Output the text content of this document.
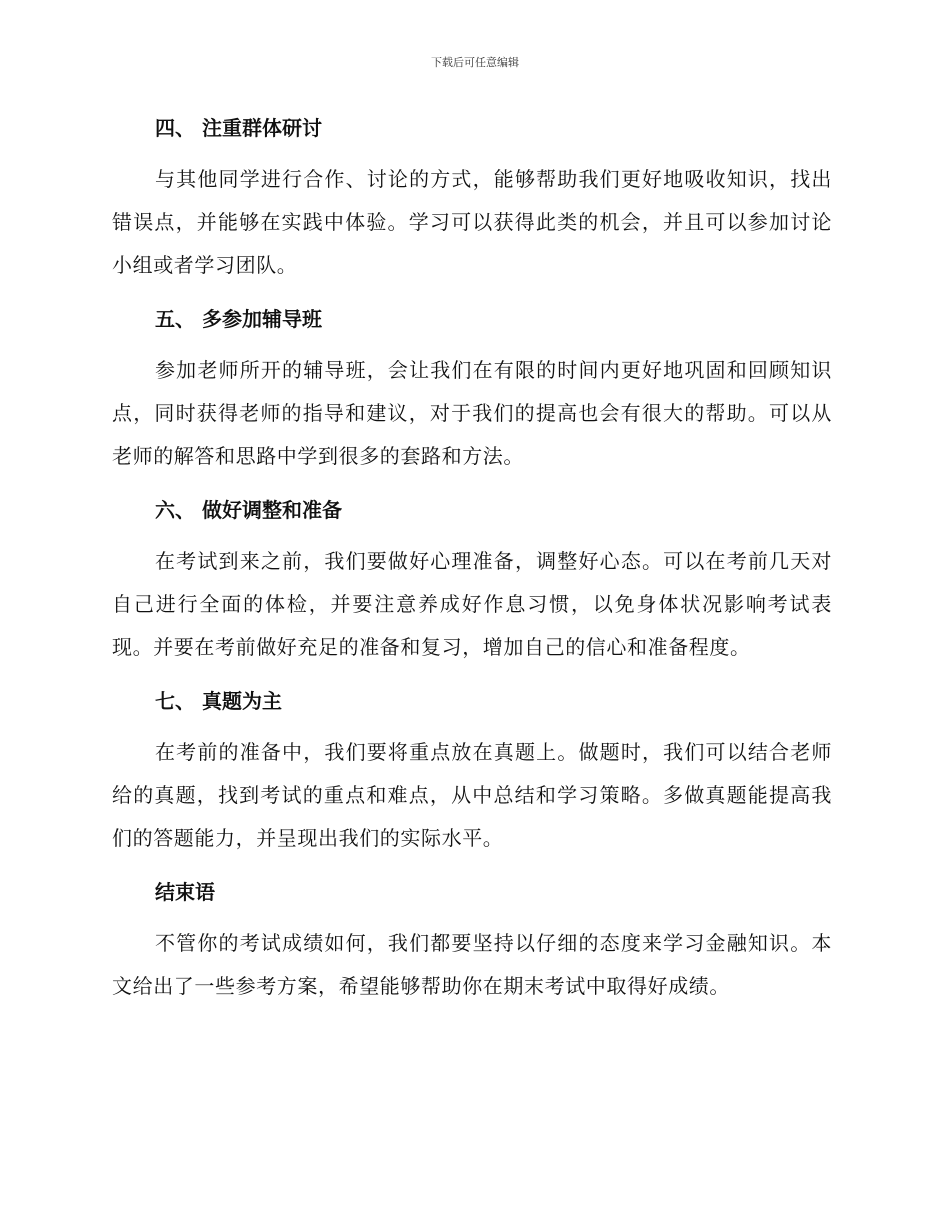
下载后可任意编辑
四、 注重群体研讨

与其他同学进行合作、讨论的方式，能够帮助我们更好地吸收知识，找出错误点，并能够在实践中体验。学习可以获得此类的机会，并且可以参加讨论小组或者学习团队。

五、 多参加辅导班

参加老师所开的辅导班，会让我们在有限的时间内更好地巩固和回顾知识点，同时获得老师的指导和建议，对于我们的提高也会有很大的帮助。可以从老师的解答和思路中学到很多的套路和方法。

六、 做好调整和准备

在考试到来之前，我们要做好心理准备，调整好心态。可以在考前几天对自己进行全面的体检，并要注意养成好作息习惯，以免身体状况影响考试表现。并要在考前做好充足的准备和复习，增加自己的信心和准备程度。

七、 真题为主

在考前的准备中，我们要将重点放在真题上。做题时，我们可以结合老师给的真题，找到考试的重点和难点，从中总结和学习策略。多做真题能提高我们的答题能力，并呈现出我们的实际水平。

结束语

不管你的考试成绩如何，我们都要坚持以仔细的态度来学习金融知识。本文给出了一些参考方案，希望能够帮助你在期末考试中取得好成绩。
